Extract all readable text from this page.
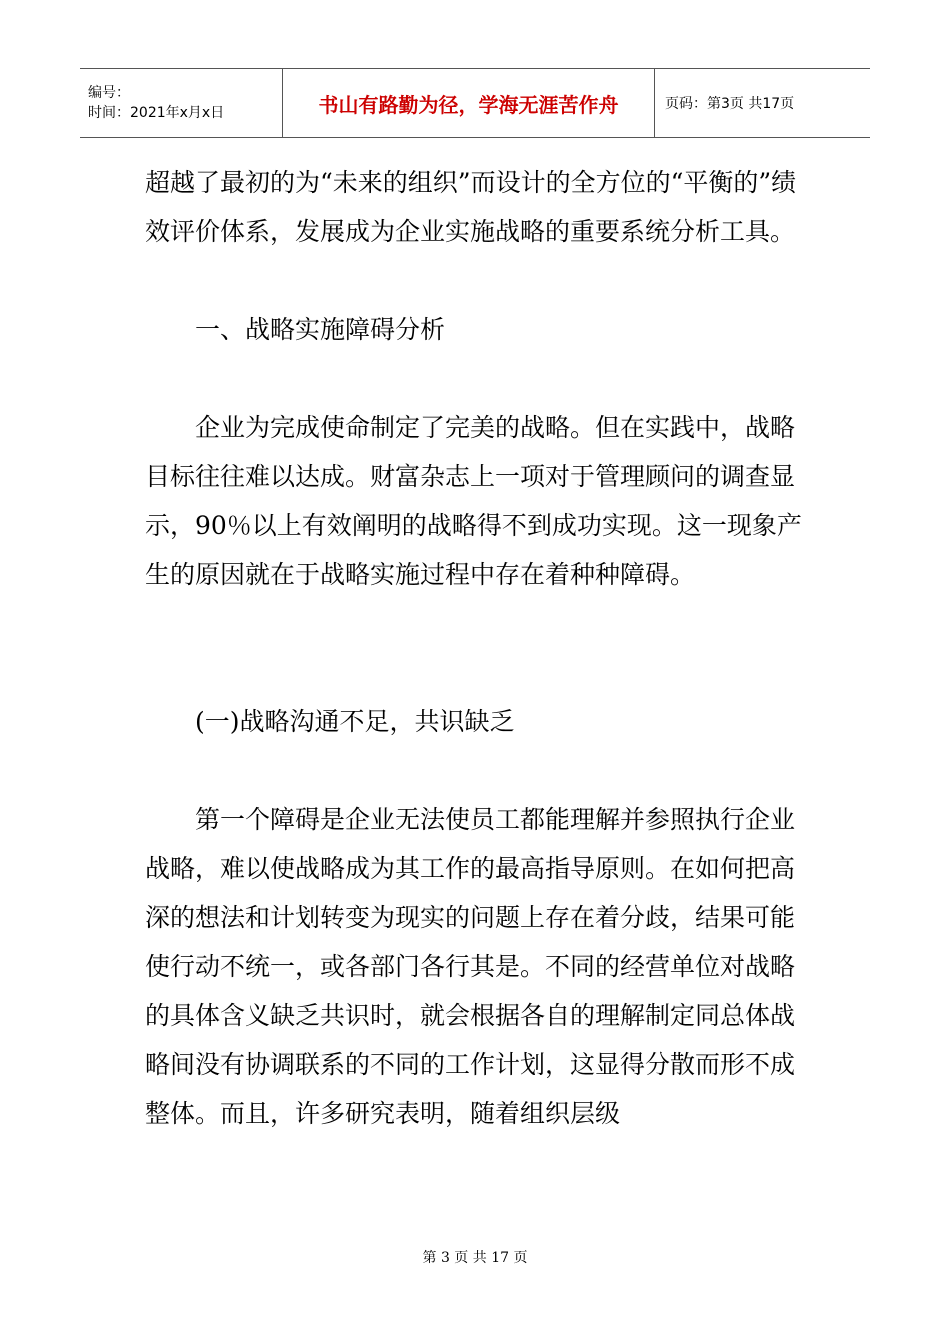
编号：
时间：2021年x月x日	书山有路勤为径，学海无涯苦作舟	页码：第3页 共17页

超越了最初的为“未来的组织”而设计的全方位的“平衡的”绩效评价体系，发展成为企业实施战略的重要系统分析工具。

一、战略实施障碍分析

企业为完成使命制定了完美的战略。但在实践中，战略目标往往难以达成。财富杂志上一项对于管理顾问的调查显示，90％以上有效阐明的战略得不到成功实现。这一现象产生的原因就在于战略实施过程中存在着种种障碍。

(一)战略沟通不足，共识缺乏

第一个障碍是企业无法使员工都能理解并参照执行企业战略，难以使战略成为其工作的最高指导原则。在如何把高深的想法和计划转变为现实的问题上存在着分歧，结果可能使行动不统一，或各部门各行其是。不同的经营单位对战略的具体含义缺乏共识时，就会根据各自的理解制定同总体战略间没有协调联系的不同的工作计划，这显得分散而形不成整体。而且，许多研究表明，随着组织层级

第 3 页 共 17 页
